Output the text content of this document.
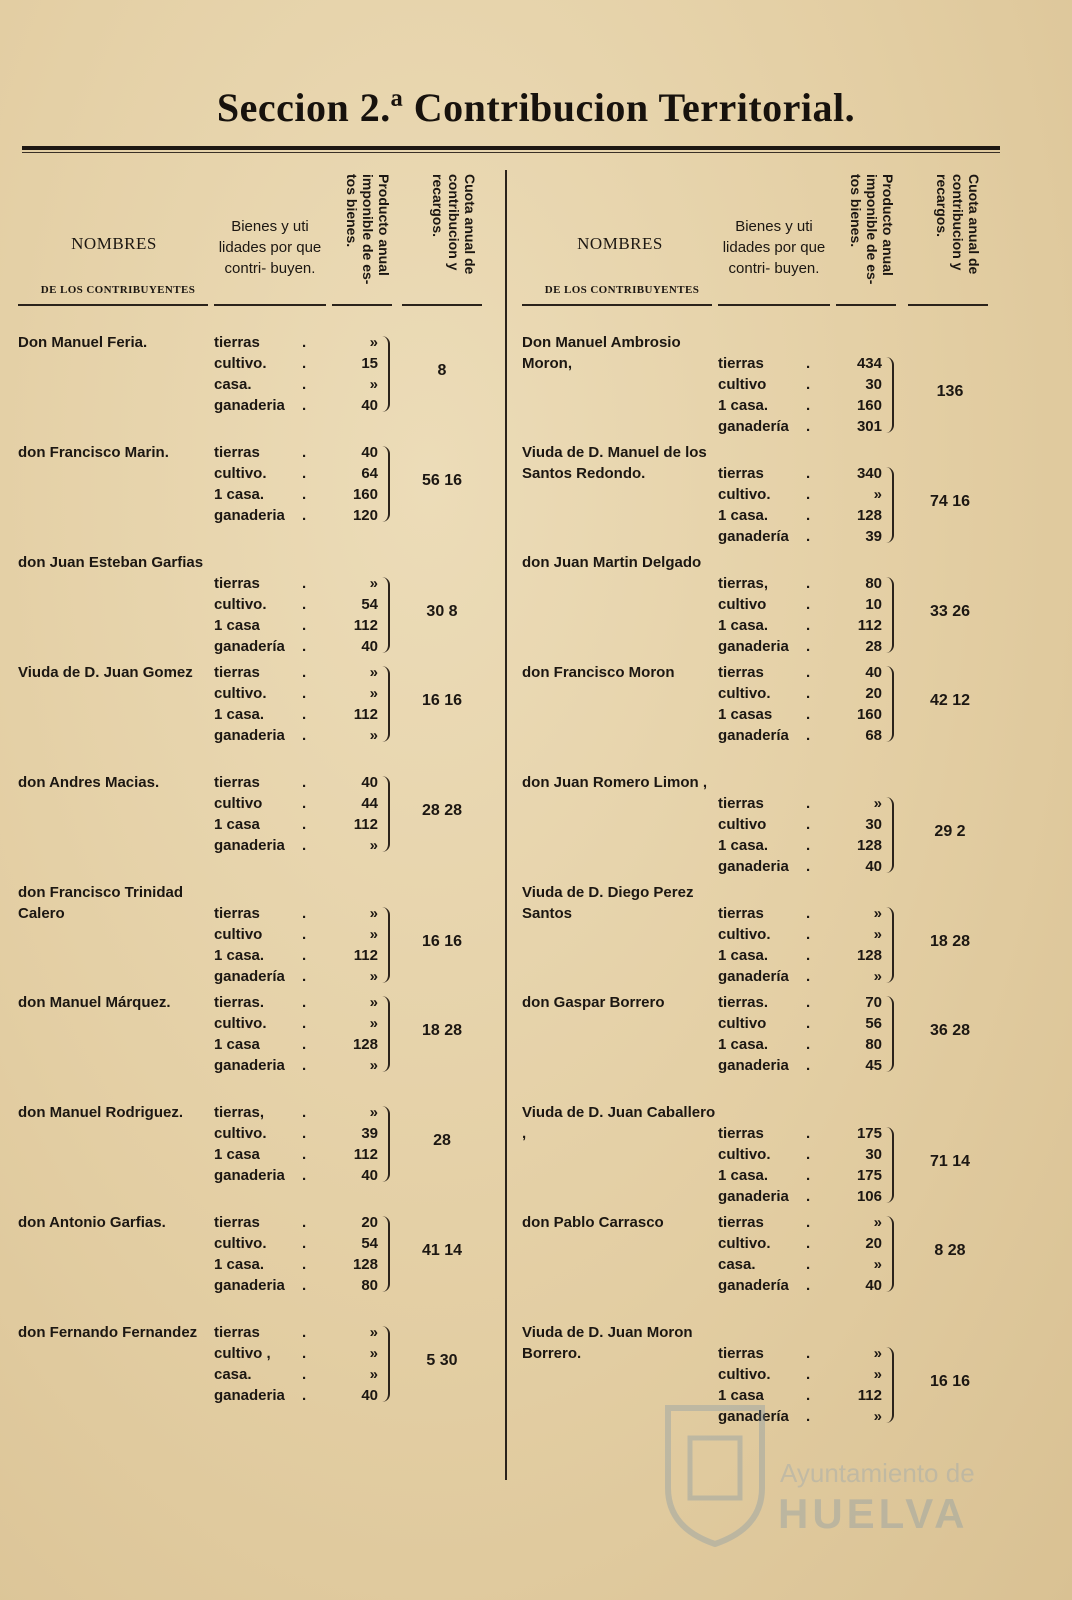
Seccion 2.ª Contribucion Territorial.
NOMBRES
DE LOS CONTRIBUYENTES
Bienes y uti lidades por que contri- buyen.	Producto anual imponible de es- tos bienes.	Cuota anual de contribucion y recargos.
Don Manuel Feria.	tierras	.	»
cultivo. .	15
casa.	.	»
ganaderia .	40
8
don Francisco Marin.	tierras	.	40
cultivo. .	64
1 casa.	.	160
ganaderia .	120
56 16
don Juan Esteban Garfias
tierras	.	»
cultivo. .	54
1 casa	.	112
ganadería .	40
30 8
Viuda de D. Juan Gomez	tierras	.	»
cultivo. .	»
1 casa.	.	112
ganaderia .	»
16 16
don Andres Macias.	tierras	.	40
cultivo	.	44
1 casa	.	112
ganaderia .	»
28 28
don Francisco Trinidad Calero	tierras	.	»
cultivo	.	»
1 casa.	.	112
ganadería .	»
16 16
don Manuel Márquez.	tierras.	.	»
cultivo. .	»
1 casa	.	128
ganaderia .	»
18 28
don Manuel Rodriguez.	tierras,	.	»
cultivo. .	39
1 casa	.	112
ganaderia .	40
28
don Antonio Garfias.	tierras	.	20
cultivo. .	54
1 casa.	.	128
ganaderia .	80
41 14
don Fernando Fernandez	tierras	.	»
cultivo , .	»
casa.	.	»
ganaderia .	40
5 30
NOMBRES
DE LOS CONTRIBUYENTES
Bienes y uti lidades por que contri- buyen.	Producto anual imponible de es- tos bienes.	Cuota anual de contribucion y recargos.
Don Manuel Ambrosio Moron,	tierras	.	434
cultivo	.	30
1 casa.	.	160
ganadería .	301
136
Viuda de D. Manuel de los Santos Redondo.	tierras	.	340
cultivo. .	»
1 casa.	.	128
ganadería .	39
74 16
don Juan Martin Delgado
tierras,	.	80
cultivo	.	10
1 casa.	.	112
ganaderia .	28
33 26
don Francisco Moron	tierras	.	40
cultivo. .	20
1 casas .	160
ganadería .	68
42 12
don Juan Romero Limon ,
tierras	.	»
cultivo	.	30
1 casa.	.	128
ganaderia .	40
29 2
Viuda de D. Diego Perez Santos	tierras	.	»
cultivo. .	»
1 casa.	.	128
ganadería .	»
18 28
don Gaspar Borrero	tierras.	.	70
cultivo	.	56
1 casa.	.	80
ganaderia .	45
36 28
Viuda de D. Juan Caballero ,	tierras	.	175
cultivo. .	30
1 casa.	.	175
ganaderia .	106
71 14
don Pablo Carrasco	tierras	.	»
cultivo. .	20
casa.	.	»
ganadería .	40
8 28
Viuda de D. Juan Moron Borrero.	tierras	.	»
cultivo. .	»
1 casa	.	112
ganadería .	»
16 16
Ayuntamiento de
HUELVA
